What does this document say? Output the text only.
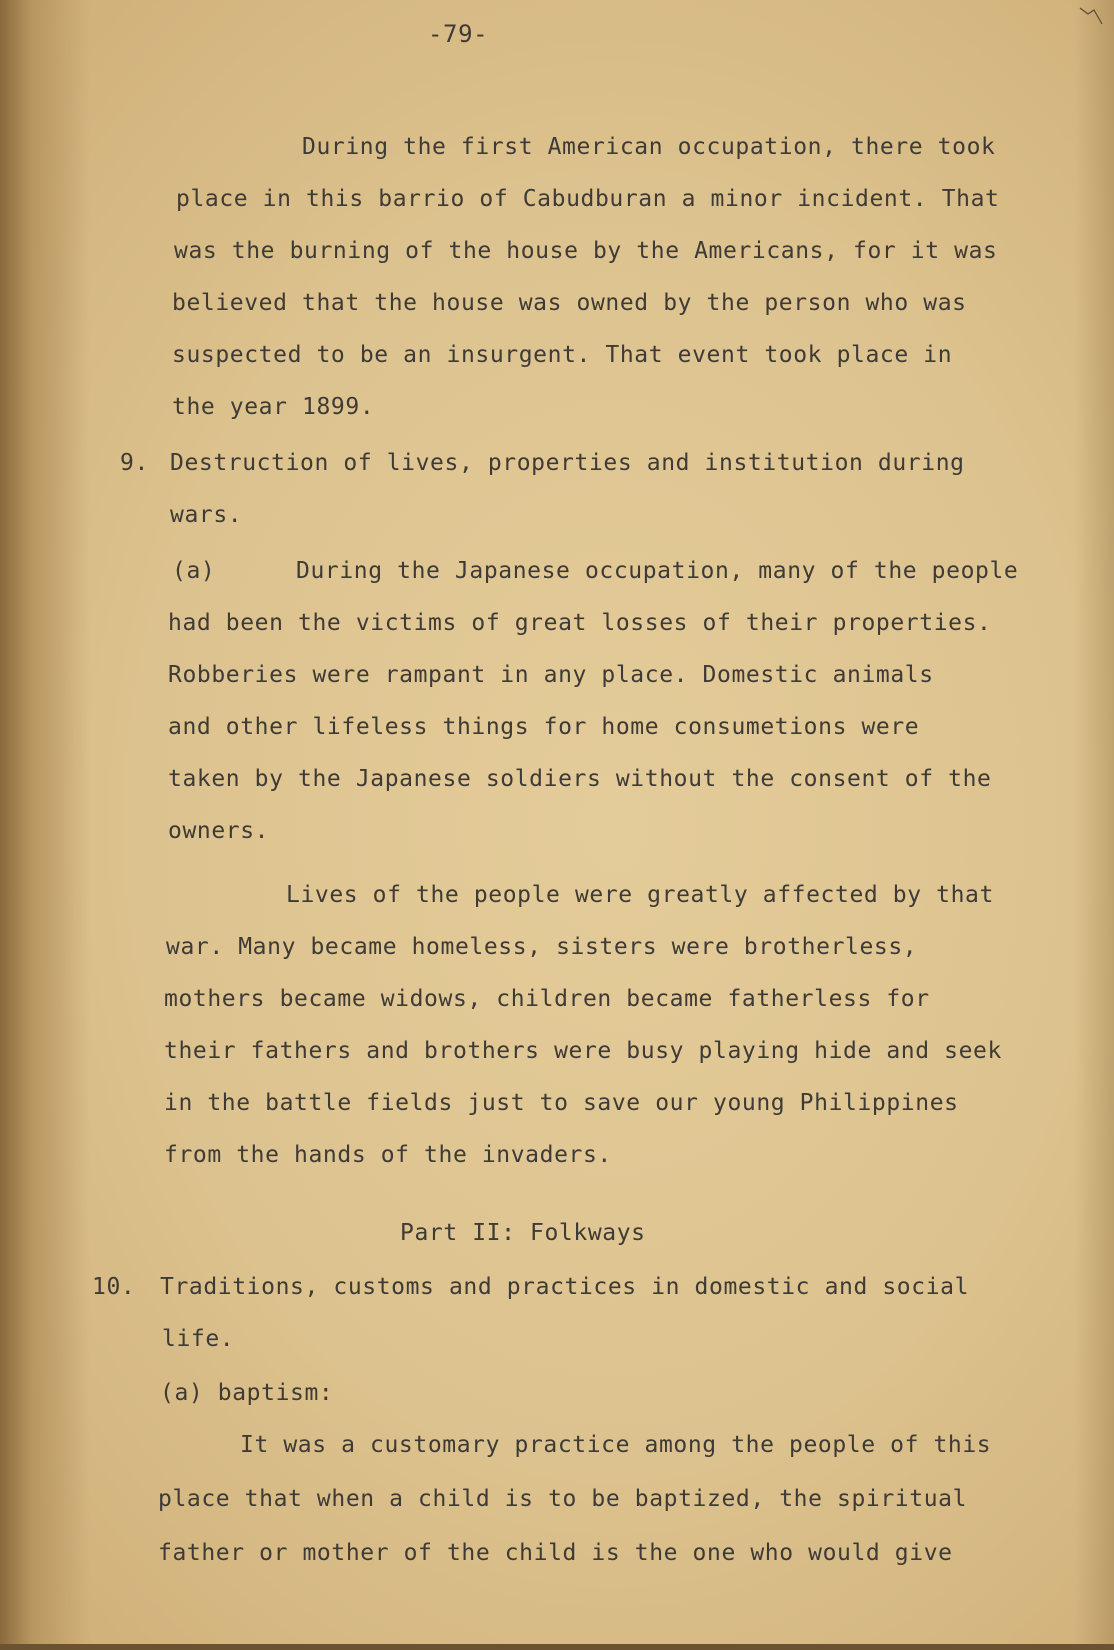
-79-
During the first American occupation, there took
place in this barrio of Cabudburan a minor incident. That
was the burning of the house by the Americans, for it was
believed that the house was owned by the person who was
suspected to be an insurgent. That event took place in
the year 1899.
9. Destruction of lives, properties and institution during
wars.
(a)	During the Japanese occupation, many of the people
had been the victims of great losses of their properties.
Robberies were rampant in any place. Domestic animals
and other lifeless things for home consumetions were
taken by the Japanese soldiers without the consent of the
owners.
Lives of the people were greatly affected by that
war. Many became homeless, sisters were brotherless,
mothers became widows, children became fatherless for
their fathers and brothers were busy playing hide and seek
in the battle fields just to save our young Philippines
from the hands of the invaders.
Part II: Folkways
10. Traditions, customs and practices in domestic and social
life.
(a) baptism:
It was a customary practice among the people of this
place that when a child is to be baptized, the spiritual
father or mother of the child is the one who would give
